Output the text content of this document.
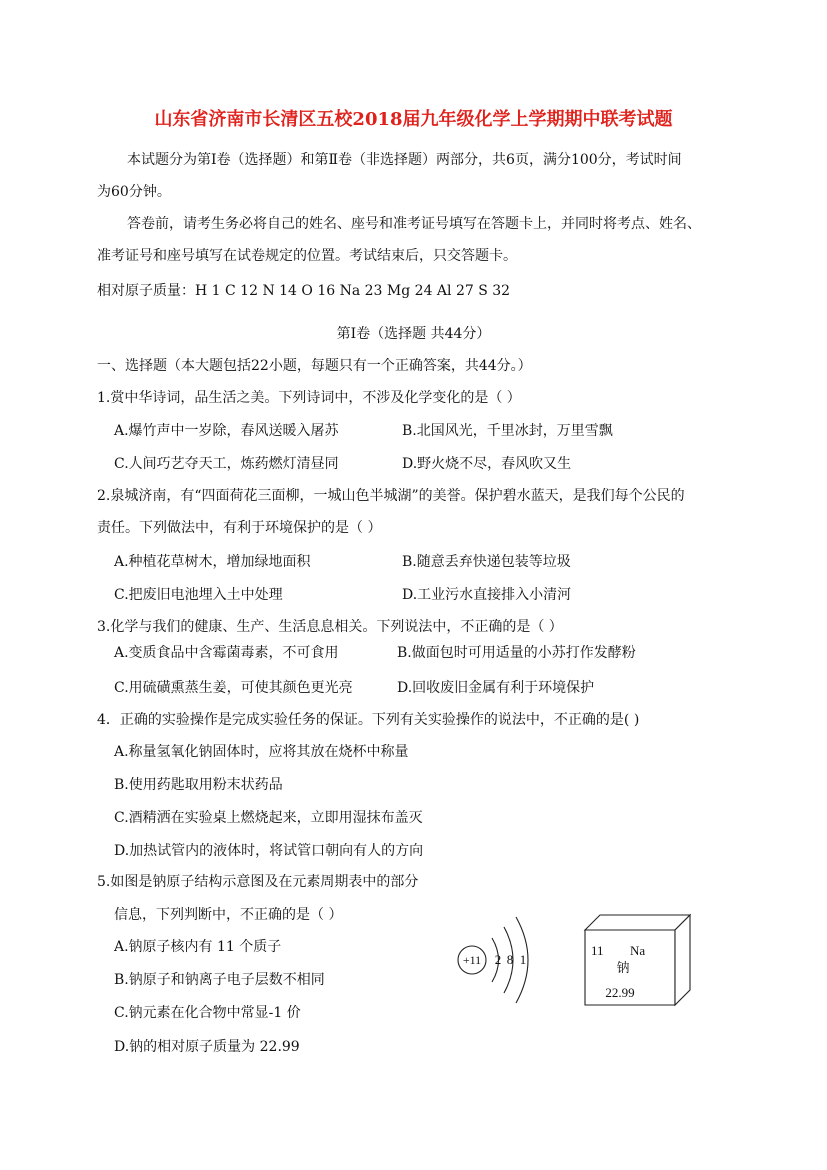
山东省济南市长清区五校2018届九年级化学上学期期中联考试题
本试题分为第Ⅰ卷（选择题）和第Ⅱ卷（非选择题）两部分，共6页，满分100分，考试时间
为60分钟。
答卷前，请考生务必将自己的姓名、座号和准考证号填写在答题卡上，并同时将考点、姓名、
准考证号和座号填写在试卷规定的位置。考试结束后，只交答题卡。
相对原子质量：H 1 C 12 N 14 O 16 Na 23 Mg 24 Al 27 S 32
第Ⅰ卷（选择题 共44分）
一、选择题（本大题包括22小题，每题只有一个正确答案，共44分。）
1.赏中华诗词，品生活之美。下列诗词中，不涉及化学变化的是（ ）
A.爆竹声中一岁除，春风送暖入屠苏	B.北国风光，千里冰封，万里雪飘
C.人间巧艺夺天工，炼药燃灯清昼同	D.野火烧不尽，春风吹又生
2.泉城济南，有“四面荷花三面柳，一城山色半城湖”的美誉。保护碧水蓝天，是我们每个公民的
责任。下列做法中，有利于环境保护的是（ ）
A.种植花草树木，增加绿地面积	B.随意丢弃快递包装等垃圾
C.把废旧电池埋入土中处理	D.工业污水直接排入小清河
3.化学与我们的健康、生产、生活息息相关。下列说法中，不正确的是（ ）
A.变质食品中含霉菌毒素，不可食用	B.做面包时可用适量的小苏打作发酵粉
C.用硫磺熏蒸生姜，可使其颜色更光亮	D.回收废旧金属有利于环境保护
4．正确的实验操作是完成实验任务的保证。下列有关实验操作的说法中，不正确的是( )
A.称量氢氧化钠固体时，应将其放在烧杯中称量
B.使用药匙取用粉末状药品
C.酒精洒在实验桌上燃烧起来，立即用湿抹布盖灭
D.加热试管内的液体时，将试管口朝向有人的方向
5.如图是钠原子结构示意图及在元素周期表中的部分
信息，下列判断中，不正确的是（ ）
A.钠原子核内有 11 个质子
B.钠原子和钠离子电子层数不相同
C.钠元素在化合物中常显-1 价
D.钠的相对原子质量为 22.99
+11 2 8 1
11 Na
钠
22.99
